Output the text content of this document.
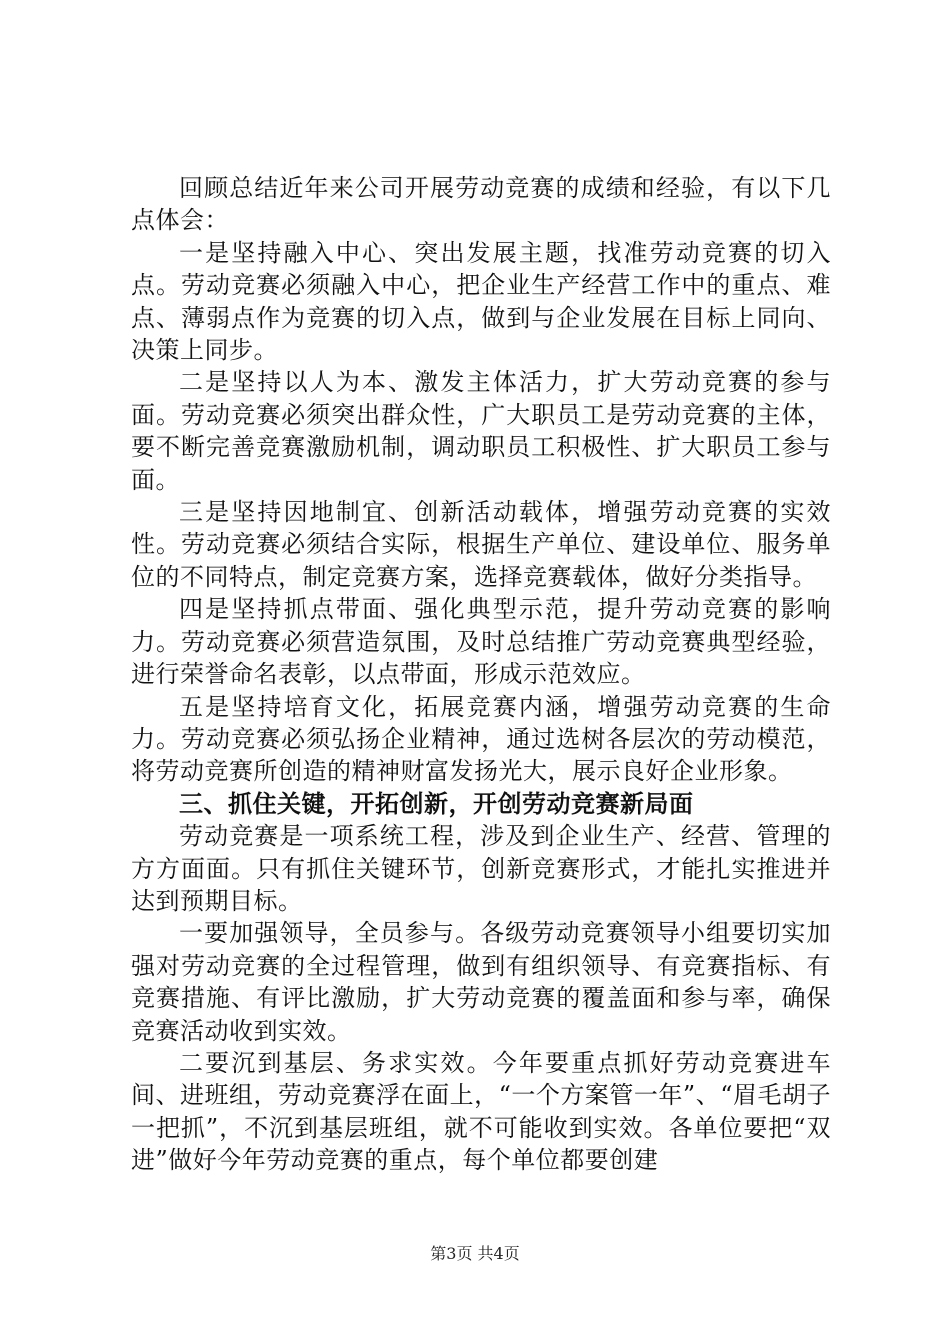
回顾总结近年来公司开展劳动竞赛的成绩和经验，有以下几点体会：

一是坚持融入中心、突出发展主题，找准劳动竞赛的切入点。劳动竞赛必须融入中心，把企业生产经营工作中的重点、难点、薄弱点作为竞赛的切入点，做到与企业发展在目标上同向、决策上同步。

二是坚持以人为本、激发主体活力，扩大劳动竞赛的参与面。劳动竞赛必须突出群众性，广大职员工是劳动竞赛的主体，要不断完善竞赛激励机制，调动职员工积极性、扩大职员工参与面。

三是坚持因地制宜、创新活动载体，增强劳动竞赛的实效性。劳动竞赛必须结合实际，根据生产单位、建设单位、服务单位的不同特点，制定竞赛方案，选择竞赛载体，做好分类指导。

四是坚持抓点带面、强化典型示范，提升劳动竞赛的影响力。劳动竞赛必须营造氛围，及时总结推广劳动竞赛典型经验，进行荣誉命名表彰，以点带面，形成示范效应。

五是坚持培育文化，拓展竞赛内涵，增强劳动竞赛的生命力。劳动竞赛必须弘扬企业精神，通过选树各层次的劳动模范，将劳动竞赛所创造的精神财富发扬光大，展示良好企业形象。

三、抓住关键，开拓创新，开创劳动竞赛新局面

劳动竞赛是一项系统工程，涉及到企业生产、经营、管理的方方面面。只有抓住关键环节，创新竞赛形式，才能扎实推进并达到预期目标。

一要加强领导，全员参与。各级劳动竞赛领导小组要切实加强对劳动竞赛的全过程管理，做到有组织领导、有竞赛指标、有竞赛措施、有评比激励，扩大劳动竞赛的覆盖面和参与率，确保竞赛活动收到实效。

二要沉到基层、务求实效。今年要重点抓好劳动竞赛进车间、进班组，劳动竞赛浮在面上，“一个方案管一年”、“眉毛胡子一把抓”，不沉到基层班组，就不可能收到实效。各单位要把“双进”做好今年劳动竞赛的重点，每个单位都要创建

第3页 共4页
